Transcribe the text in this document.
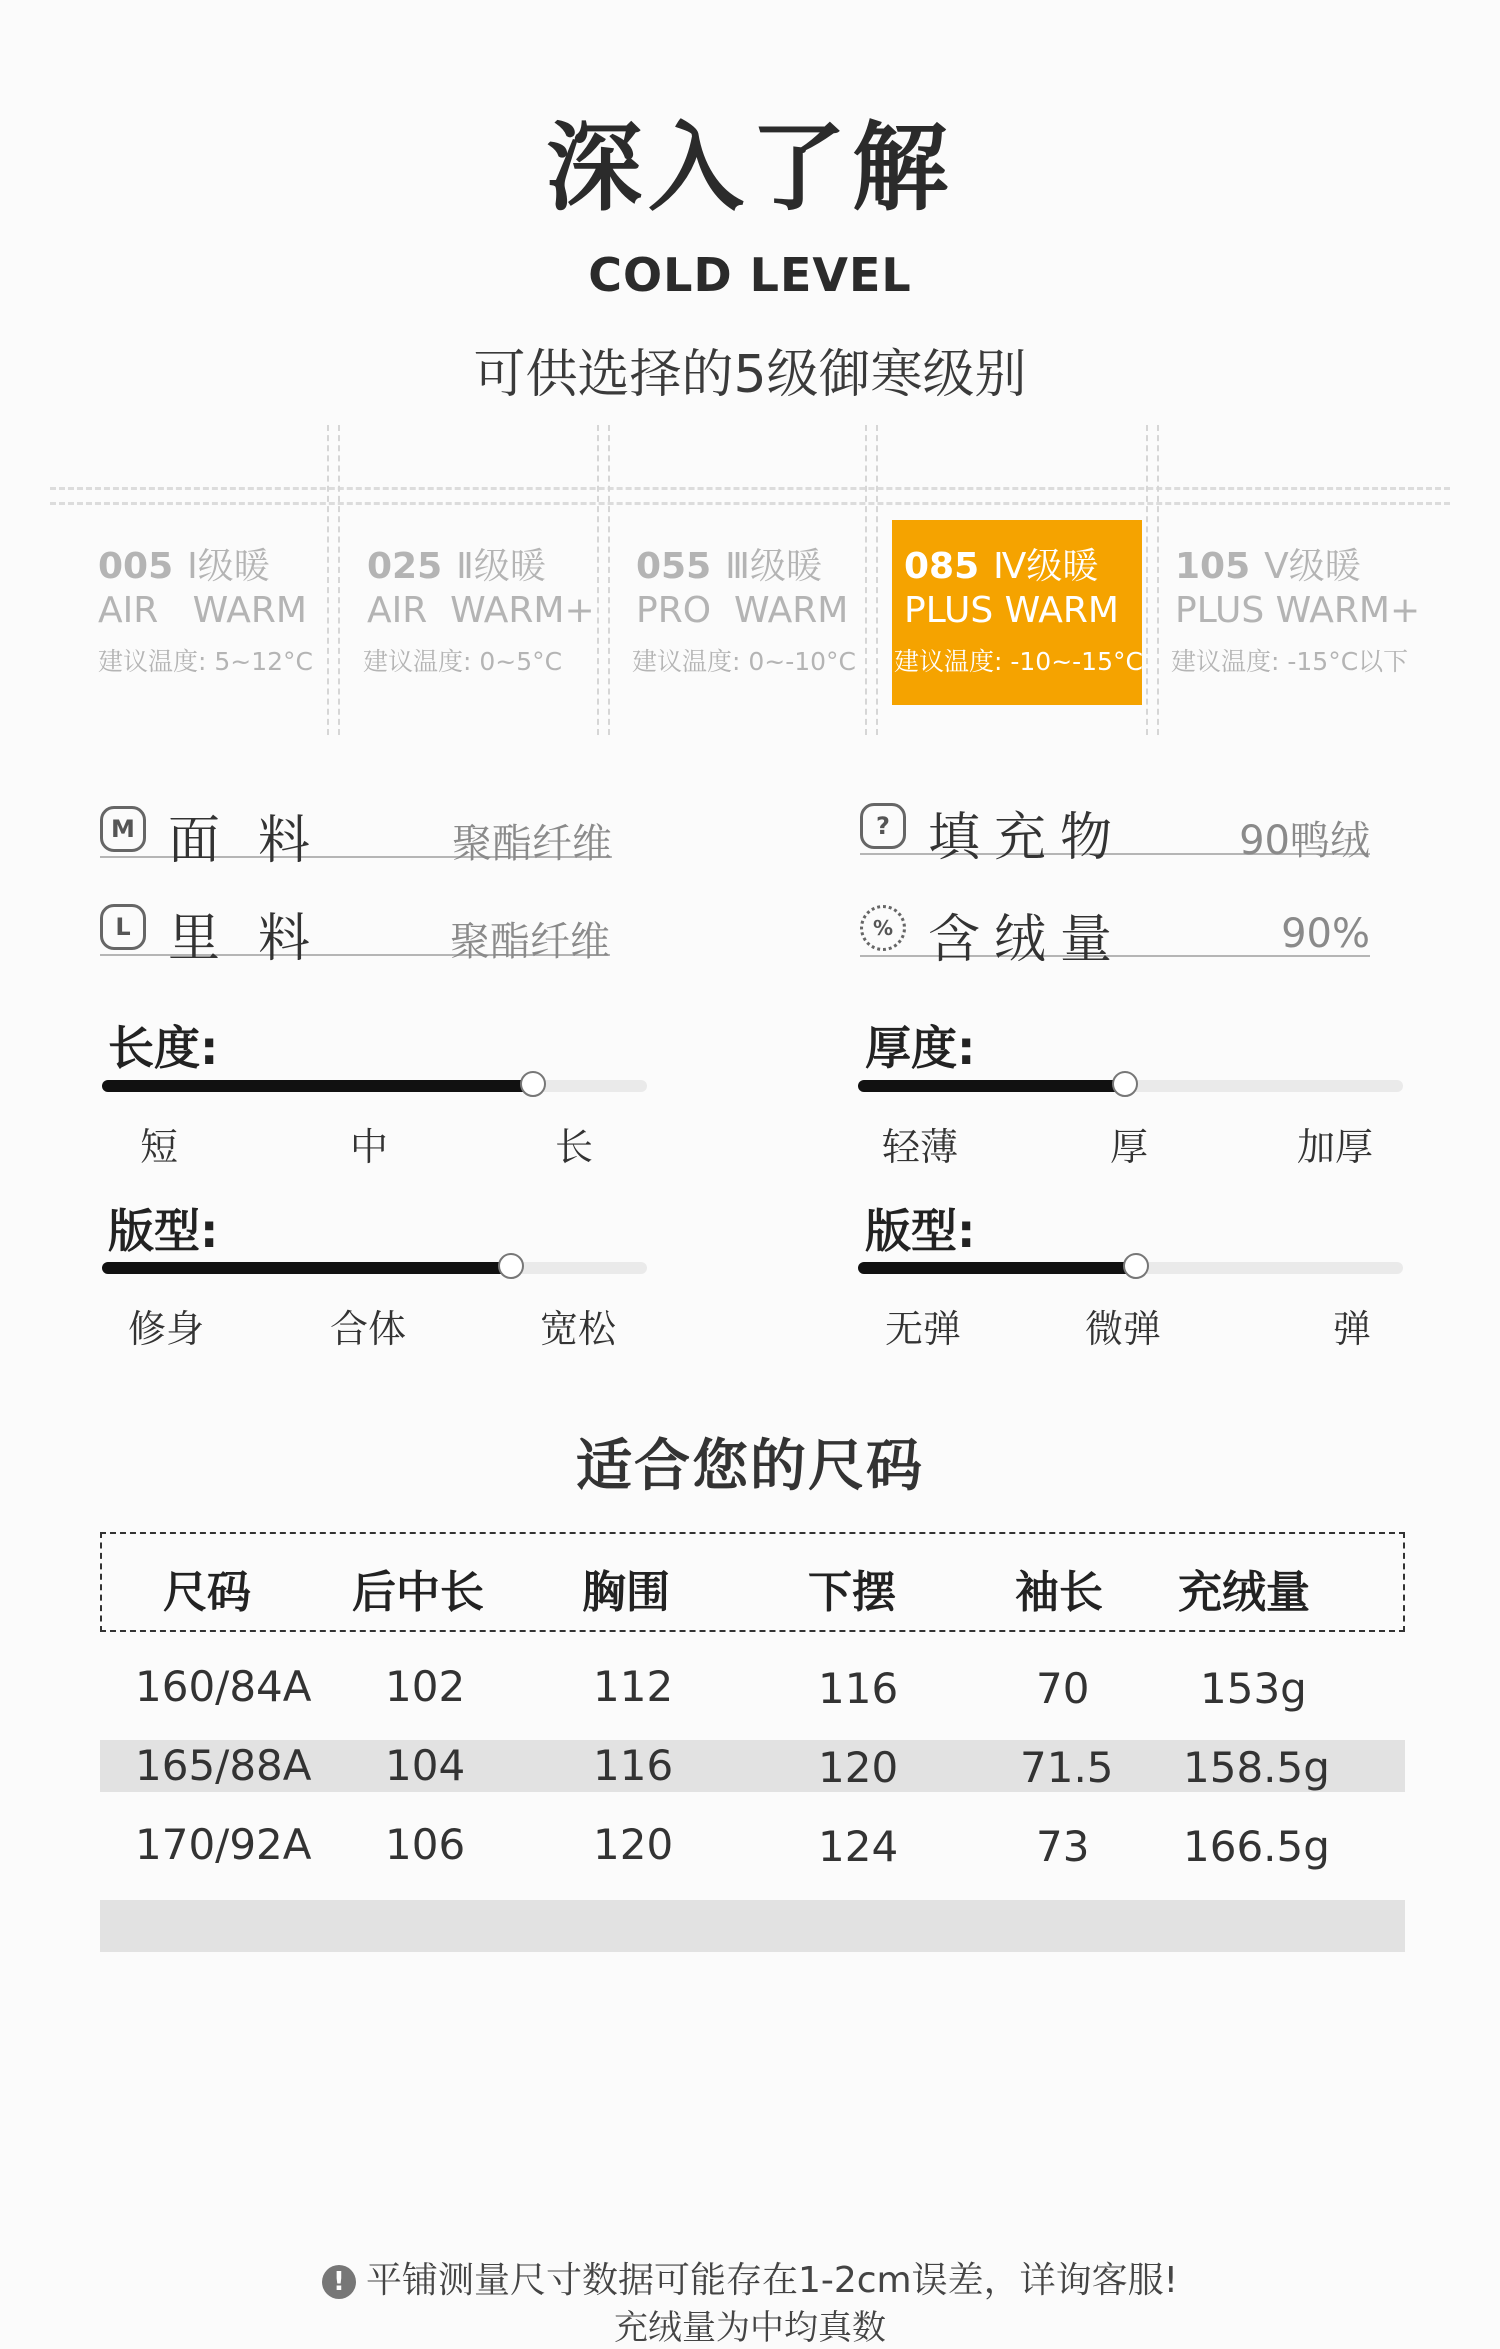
深入了解
COLD LEVEL
可供选择的5级御寒级别
005 Ⅰ级暖
AIR   WARM
建议温度: 5~12°C
025 Ⅱ级暖
AIR  WARM+
建议温度: 0~5°C
055 Ⅲ级暖
PRO  WARM
建议温度: 0~-10°C
085 Ⅳ级暖
PLUS WARM
建议温度: -10~-15°C
105 Ⅴ级暖
PLUS WARM+
建议温度: -15°C以下
M 面料	聚酯纤维
L 里料	聚酯纤维
? 填充物	90鸭绒
% 含绒量	90%
长度:
短	中	长
厚度:
轻薄	厚	加厚
版型:
修身	合体	宽松
版型:
无弹	微弹	弹
适合您的尺码
尺码 后中长 胸围	下摆	袖长 充绒量
160/84A 102	112	116	70	153g
165/88A 104	116	120	71.5 158.5g
170/92A 106	120	124	73 166.5g
! 平铺测量尺寸数据可能存在1-2cm误差，详询客服!
充绒量为中均真数
